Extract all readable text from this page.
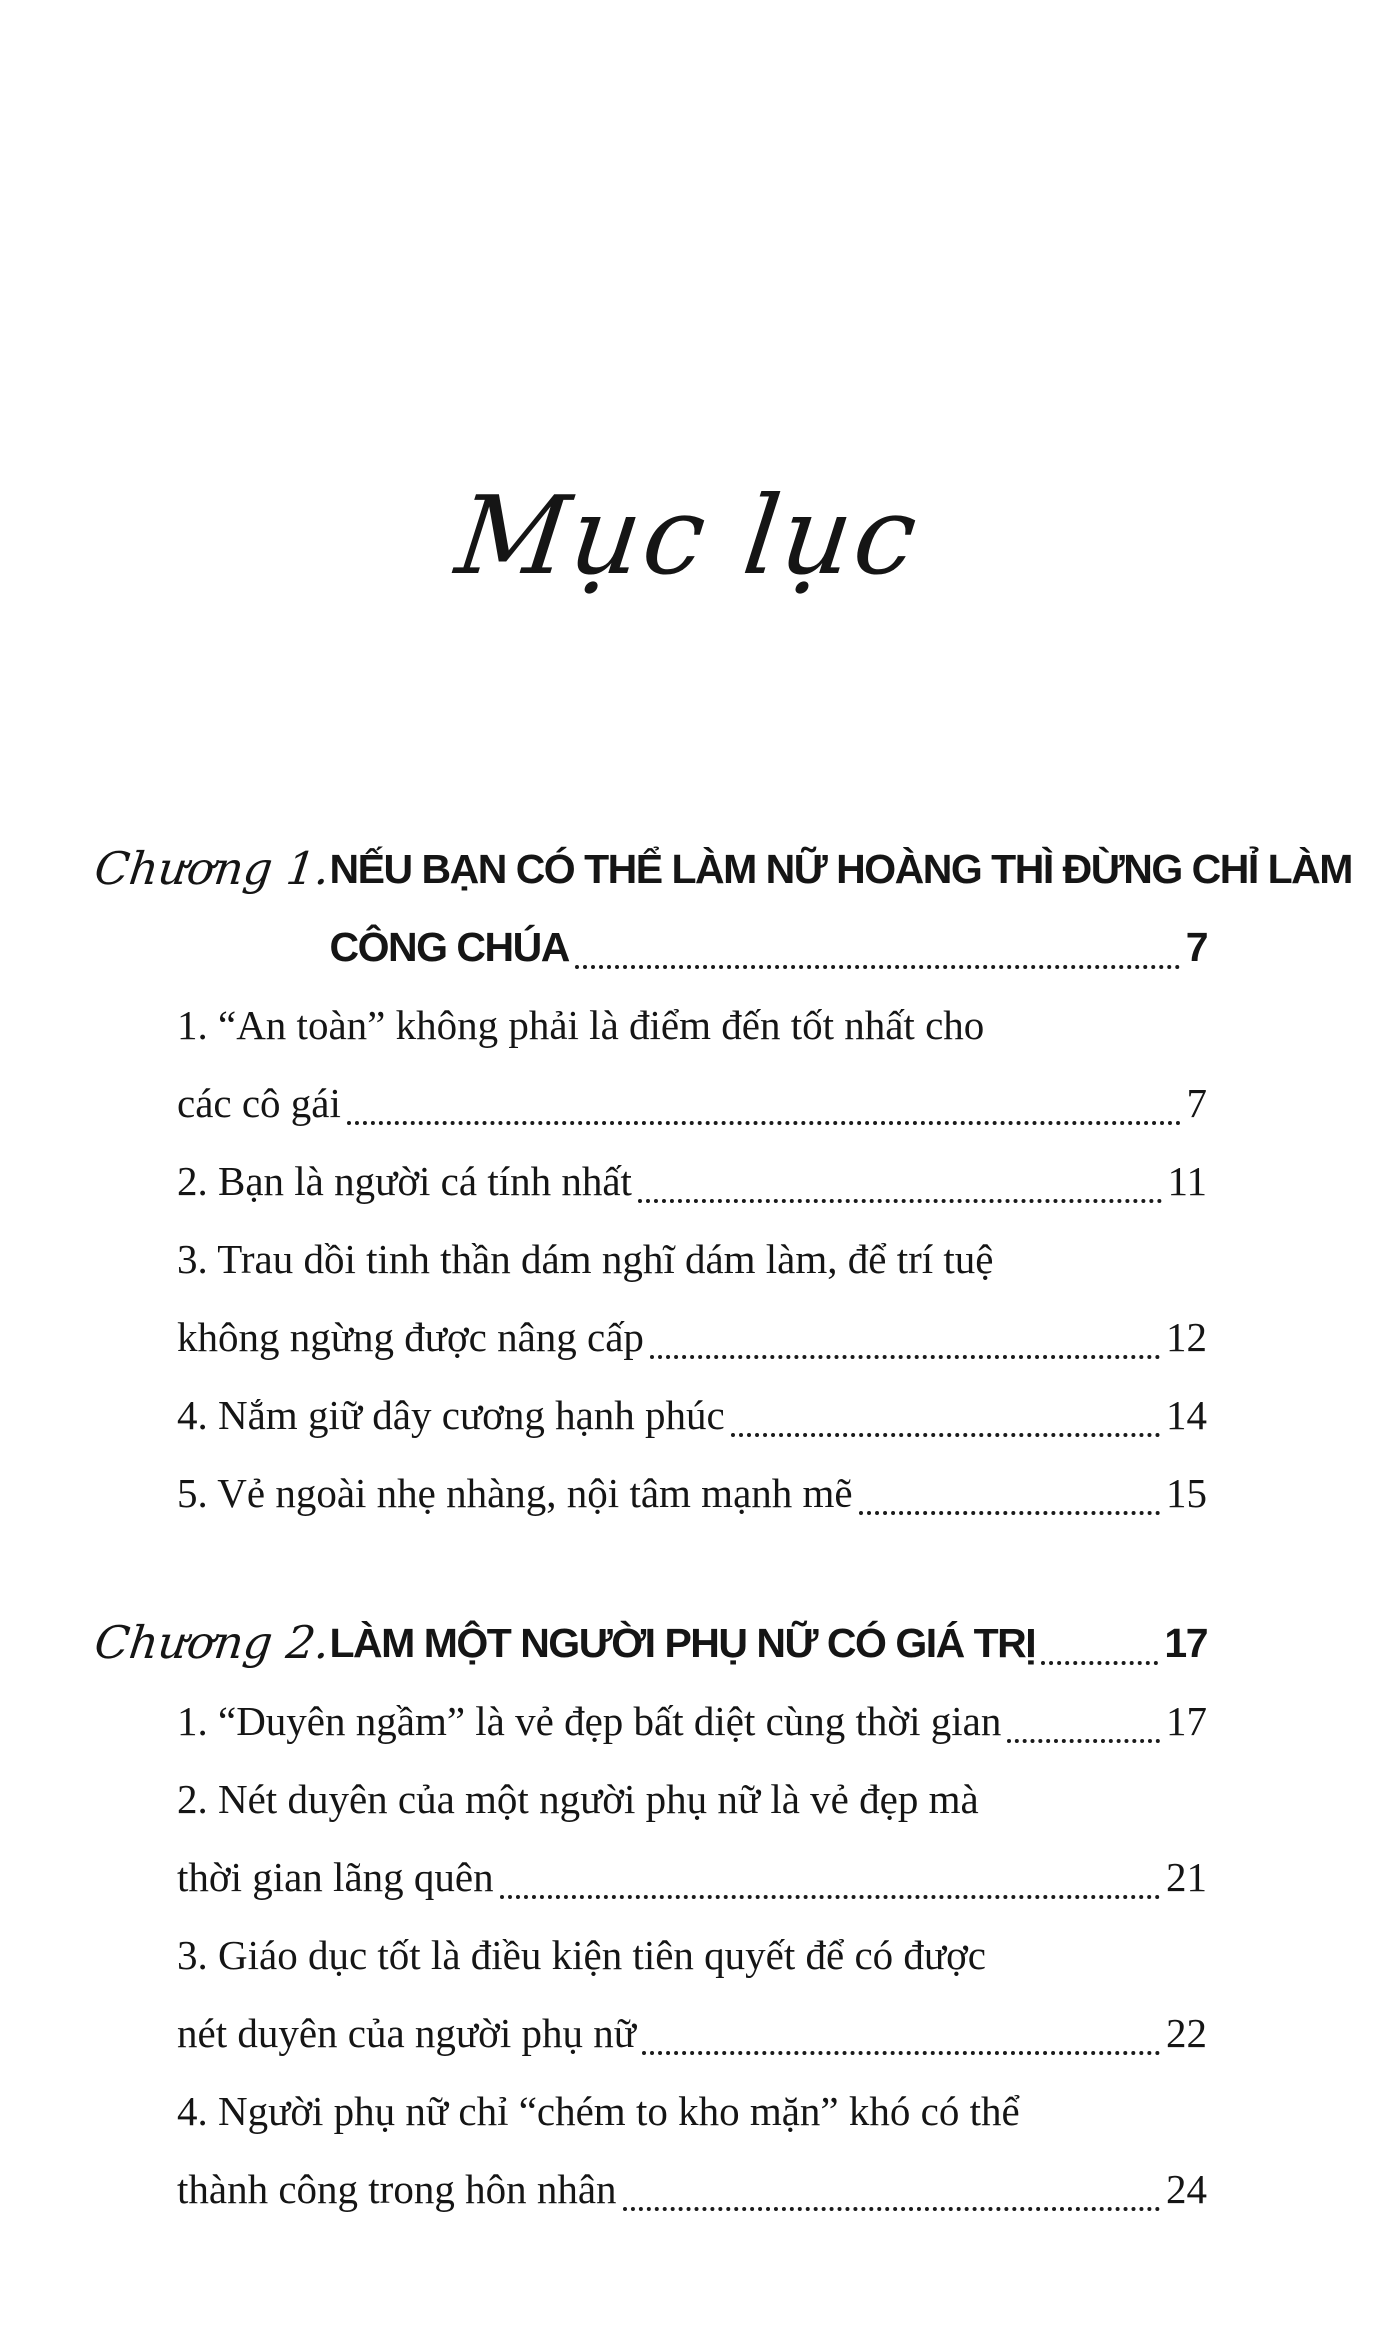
Mục lục
Chương 1.
NẾU BẠN CÓ THỂ LÀM NỮ HOÀNG THÌ ĐỪNG CHỈ LÀM
CÔNG CHÚA	7
1. “An toàn” không phải là điểm đến tốt nhất cho
các cô gái	7
2. Bạn là người cá tính nhất	11
3. Trau dồi tinh thần dám nghĩ dám làm, để trí tuệ
không ngừng được nâng cấp	12
4. Nắm giữ dây cương hạnh phúc	14
5. Vẻ ngoài nhẹ nhàng, nội tâm mạnh mẽ	15
Chương 2.
LÀM MỘT NGƯỜI PHỤ NỮ CÓ GIÁ TRỊ	17
1. “Duyên ngầm” là vẻ đẹp bất diệt cùng thời gian	17
2. Nét duyên của một người phụ nữ là vẻ đẹp mà
thời gian lãng quên	21
3. Giáo dục tốt là điều kiện tiên quyết để có được
nét duyên của người phụ nữ	22
4. Người phụ nữ chỉ “chém to kho mặn” khó có thể
thành công trong hôn nhân	24
